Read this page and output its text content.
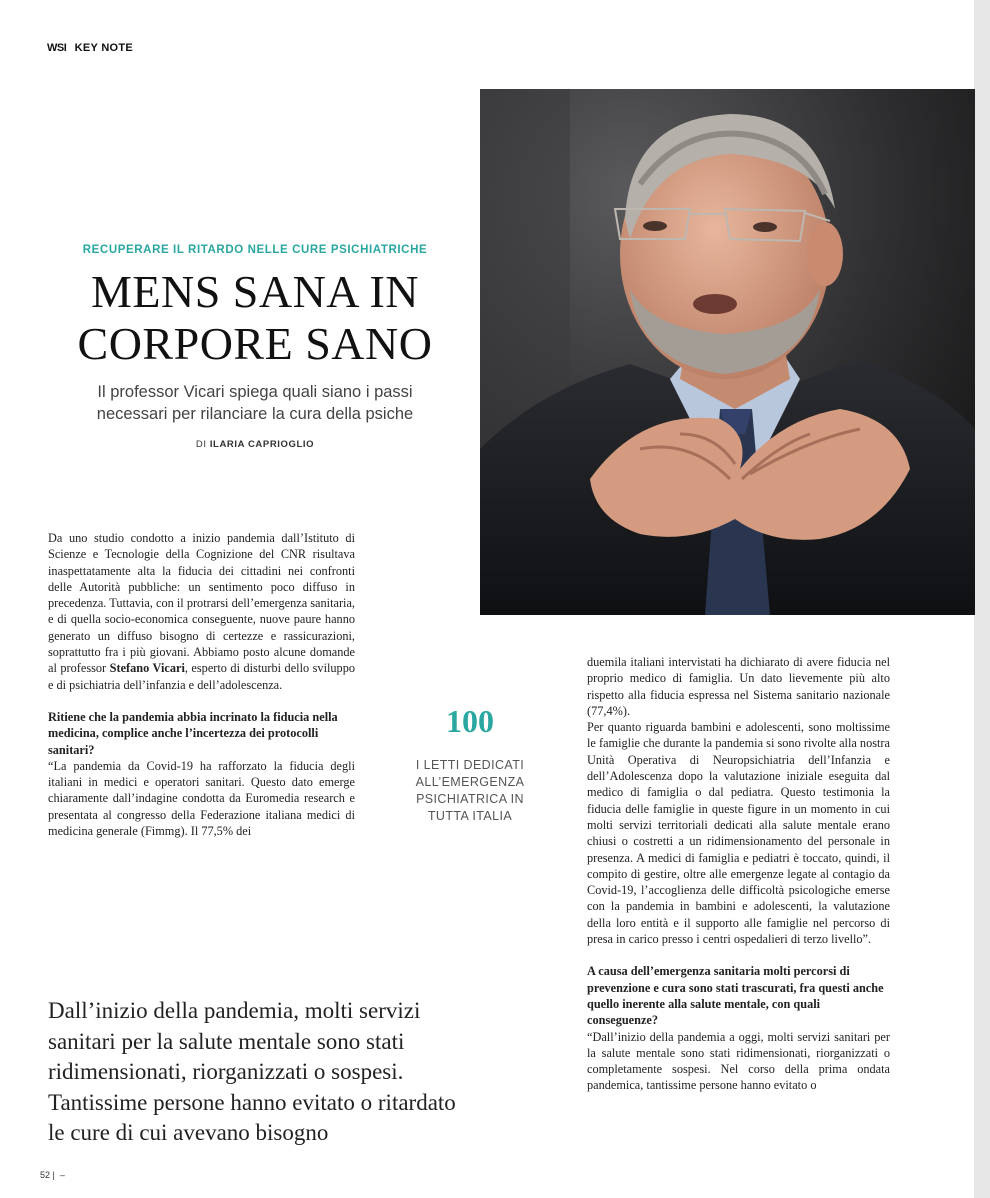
WSI KEY NOTE
RECUPERARE IL RITARDO NELLE CURE PSICHIATRICHE
MENS SANA IN
CORPORE SANO
Il professor Vicari spiega quali siano i passi
necessari per rilanciare la cura della psiche
DI ILARIA CAPRIOGLIO

Da uno studio condotto a inizio pandemia dall’Istituto di Scienze e Tecnologie della Cognizione del CNR risultava inaspettatamente alta la fiducia dei cittadini nei confronti delle Autorità pubbliche: un sentimento poco diffuso in precedenza. Tuttavia, con il protrarsi dell’emergenza sanitaria, e di quella socio-economica conseguente, nuove paure hanno generato un diffuso bisogno di certezze e rassicurazioni, soprattutto fra i più giovani. Abbiamo posto alcune domande al professor Stefano Vicari, esperto di disturbi dello sviluppo e di psichiatria dell’infanzia e dell’adolescenza.

Ritiene che la pandemia abbia incrinato la fiducia nella medicina, complice anche l’incertezza dei protocolli sanitari?

“La pandemia da Covid-19 ha rafforzato la fiducia degli italiani in medici e operatori sanitari. Questo dato emerge chiaramente dall’indagine condotta da Euromedia research e presentata al congresso della Federazione italiana medici di medicina generale (Fimmg). Il 77,5% dei

100
I LETTI DEDICATI ALL’EMERGENZA PSICHIATRICA IN TUTTA ITALIA

duemila italiani intervistati ha dichiarato di avere fiducia nel proprio medico di famiglia. Un dato lievemente più alto rispetto alla fiducia espressa nel Sistema sanitario nazionale (77,4%).

Per quanto riguarda bambini e adolescenti, sono moltissime le famiglie che durante la pandemia si sono rivolte alla nostra Unità Operativa di Neuropsichiatria dell’Infanzia e dell’Adolescenza dopo la valutazione iniziale eseguita dal medico di famiglia o dal pediatra. Questo testimonia la fiducia delle famiglie in queste figure in un momento in cui molti servizi territoriali dedicati alla salute mentale erano chiusi o costretti a un ridimensionamento del personale in presenza. A medici di famiglia e pediatri è toccato, quindi, il compito di gestire, oltre alle emergenze legate al contagio da Covid-19, l’accoglienza delle difficoltà psicologiche emerse con la pandemia in bambini e adolescenti, la valutazione della loro entità e il supporto alle famiglie nel percorso di presa in carico presso i centri ospedalieri di terzo livello”.

A causa dell’emergenza sanitaria molti percorsi di prevenzione e cura sono stati trascurati, fra questi anche quello inerente alla salute mentale, con quali conseguenze?

“Dall’inizio della pandemia a oggi, molti servizi sanitari per la salute mentale sono stati ridimensionati, riorganizzati o completamente sospesi. Nel corso della prima ondata pandemica, tantissime persone hanno evitato o

Dall’inizio della pandemia, molti servizi sanitari per la salute mentale sono stati ridimensionati, riorganizzati o sospesi. Tantissime persone hanno evitato o ritardato le cure di cui avevano bisogno

52 | –
